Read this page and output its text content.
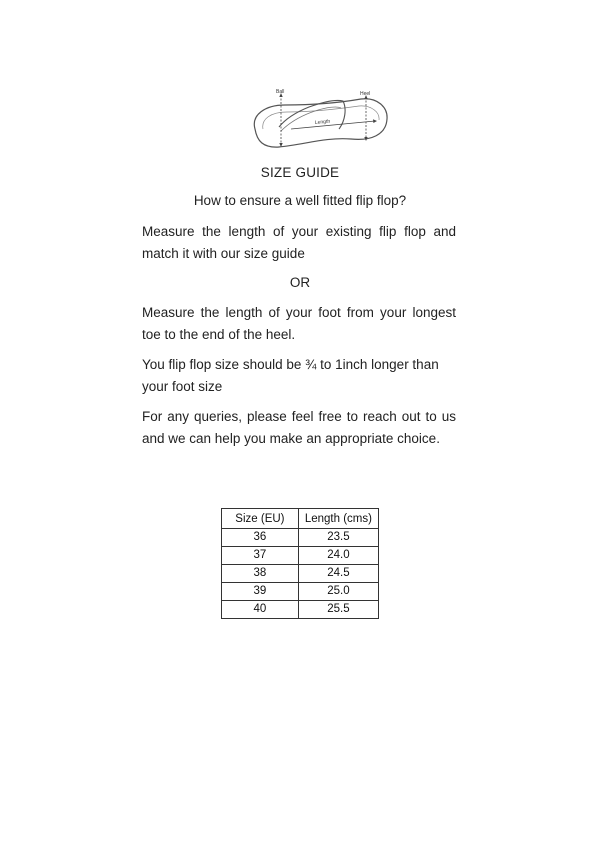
Ball	Heel
Length
SIZE GUIDE
How to ensure a well fitted flip flop?

Measure the length of your existing flip flop and match it with our size guide

OR

Measure the length of your foot from your longest toe to the end of the heel.

You flip flop size should be ¾ to 1inch longer than your foot size

For any queries, please feel free to reach out to us and we can help you make an appropriate choice.

Size (EU)	Length (cms)
36	23.5
37	24.0
38	24.5
39	25.0
40	25.5
